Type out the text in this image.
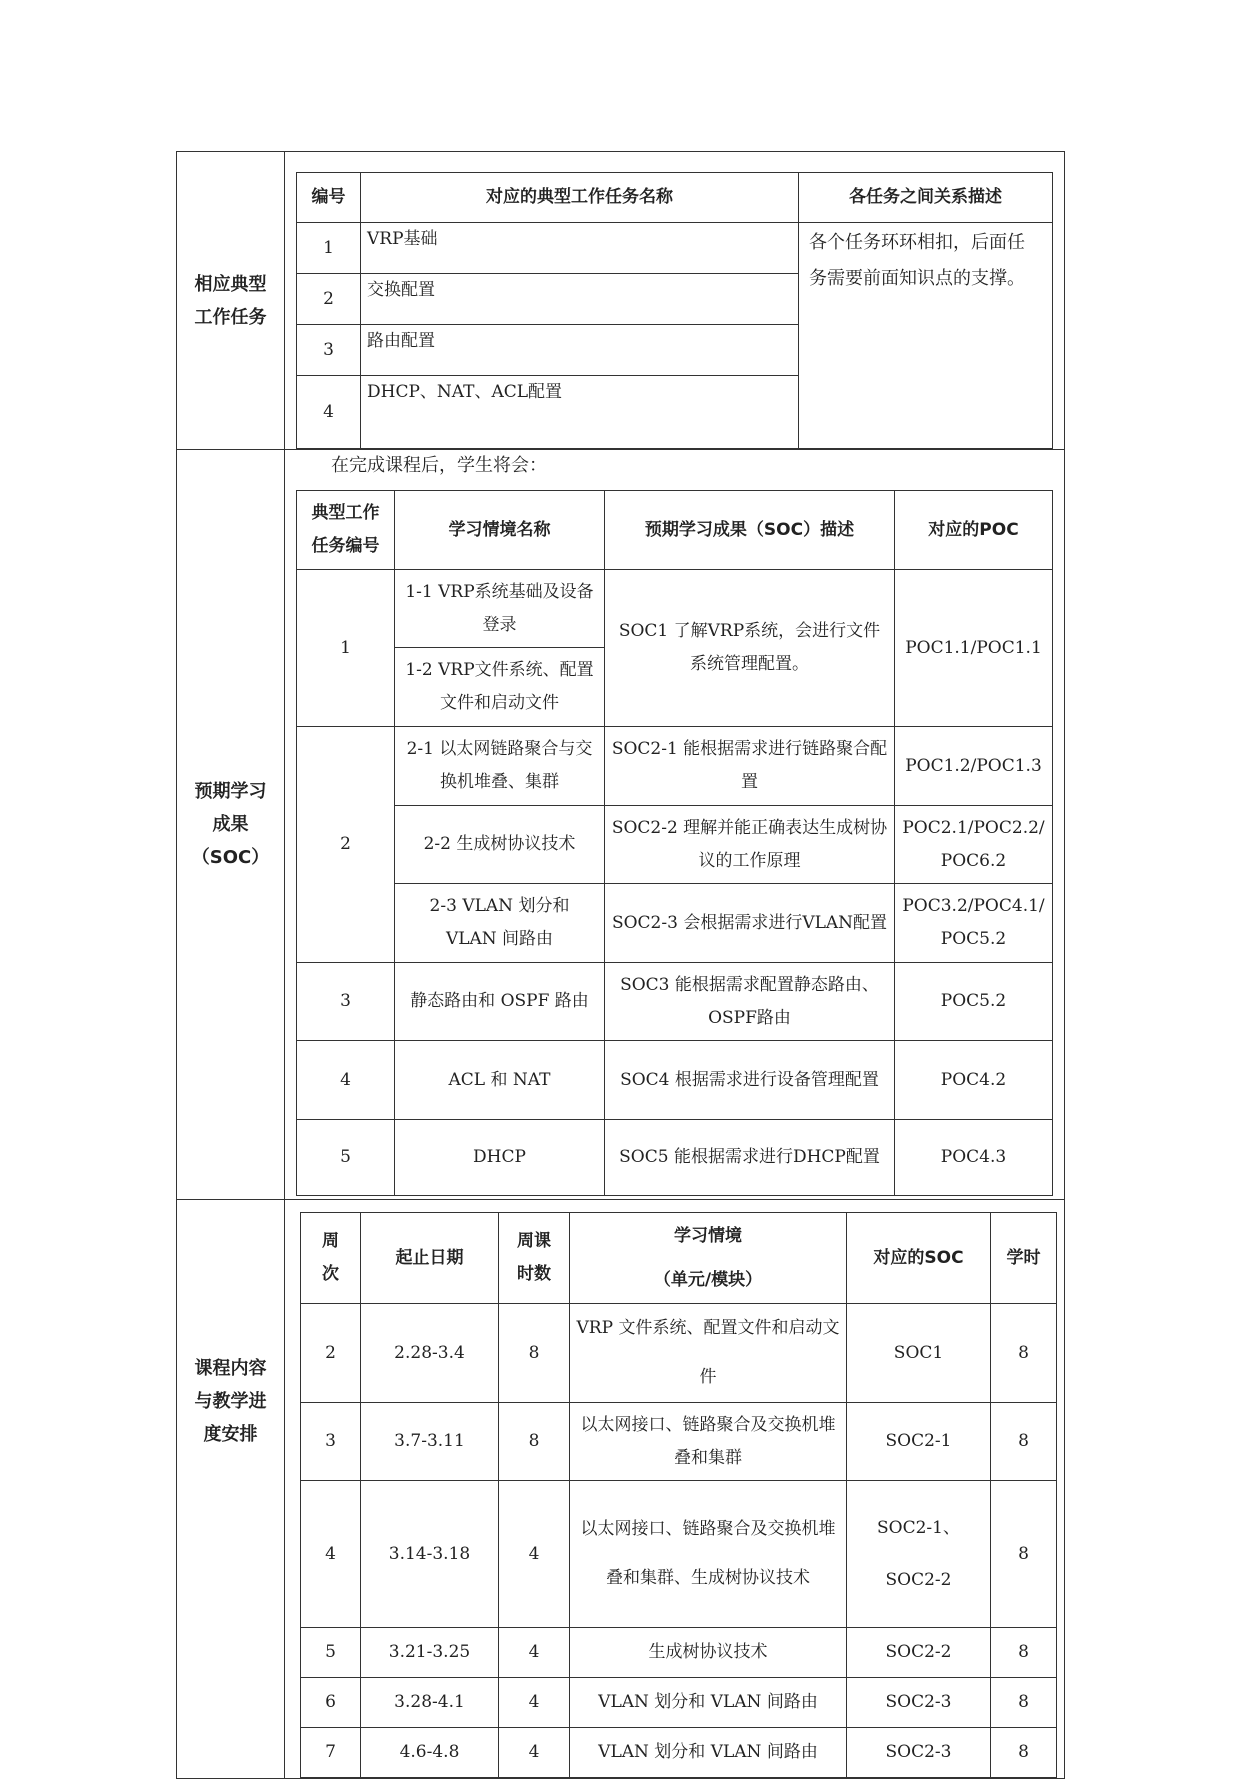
相应典型
工作任务	
编号	对应的典型工作任务名称	各任务之间关系描述
1	VRP基础	各个任务环环相扣，后面任务需要前面知识点的支撑。
2	交换配置
3	路由配置
4	DHCP、NAT、ACL配置

预期学习
成果
（SOC）	
在完成课程后，学生将会：
典型工作
任务编号	学习情境名称	预期学习成果（SOC）描述	对应的POC
1	1-1 VRP系统基础及设备登录	SOC1 了解VRP系统，会进行文件系统管理配置。	POC1.1/POC1.1
1-2 VRP文件系统、配置文件和启动文件
2	2-1 以太网链路聚合与交换机堆叠、集群	SOC2-1 能根据需求进行链路聚合配置	POC1.2/POC1.3
2-2 生成树协议技术	SOC2-2 理解并能正确表达生成树协议的工作原理	POC2.1/POC2.2/
POC6.2
2-3 VLAN 划分和
VLAN 间路由	SOC2-3 会根据需求进行VLAN配置	POC3.2/POC4.1/
POC5.2
3	静态路由和 OSPF 路由	SOC3 能根据需求配置静态路由、OSPF路由	POC5.2
4	ACL 和 NAT	SOC4 根据需求进行设备管理配置	POC4.2
5	DHCP	SOC5 能根据需求进行DHCP配置	POC4.3

课程内容
与教学进
度安排	
周
次	起止日期	周课
时数	学习情境
（单元/模块）	对应的SOC	学时
2	2.28-3.4	8	VRP 文件系统、配置文件和启动文件	SOC1	8
3	3.7-3.11	8	以太网接口、链路聚合及交换机堆叠和集群	SOC2-1	8
4	3.14-3.18	4	以太网接口、链路聚合及交换机堆叠和集群、生成树协议技术	SOC2-1、
SOC2-2	8
5	3.21-3.25	4	生成树协议技术	SOC2-2	8
6	3.28-4.1	4	VLAN 划分和 VLAN 间路由	SOC2-3	8
7	4.6-4.8	4	VLAN 划分和 VLAN 间路由	SOC2-3	8
